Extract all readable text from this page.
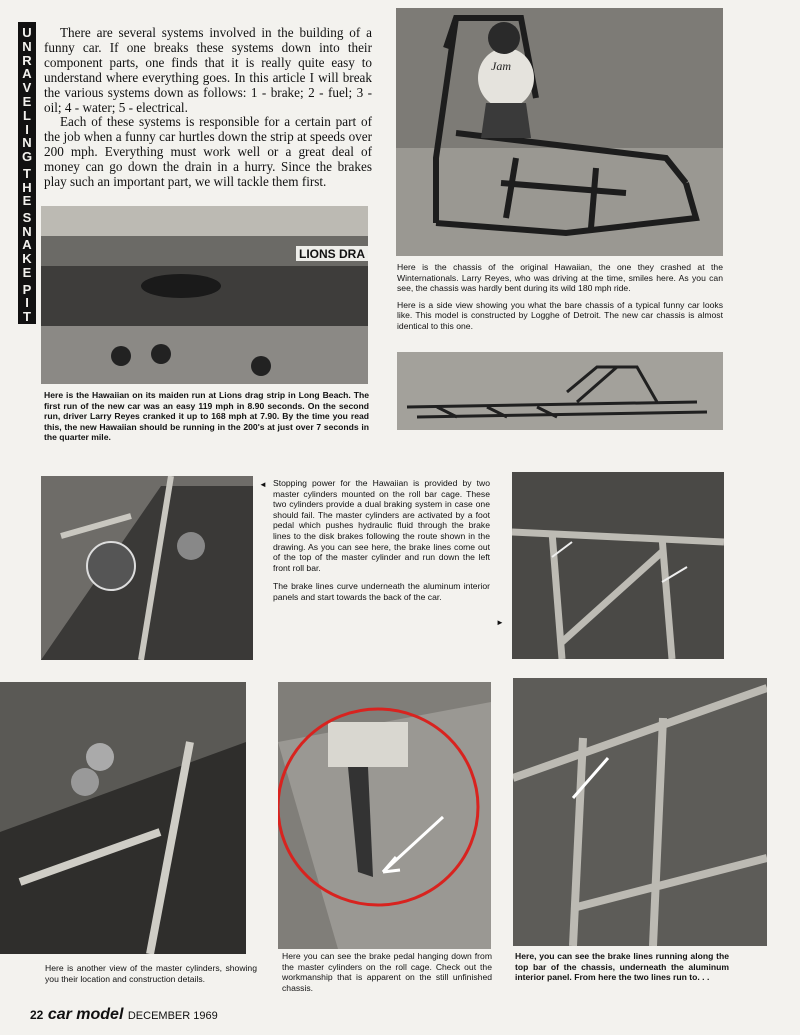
U
N
R
A
V
E
L
I
N
G
T
H
E
S
N
A
K
E
P
I
T

There are several systems involved in the building of a funny car. If one breaks these systems down into their component parts, one finds that it is really quite easy to understand where everything goes. In this article I will break the various systems down as follows: 1 - brake; 2 - fuel; 3 - oil; 4 - water; 5 - electrical.

Each of these systems is responsible for a certain part of the job when a funny car hurtles down the strip at speeds over 200 mph. Everything must work well or a great deal of money can go down the drain in a hurry. Since the brakes play such an important part, we will tackle them first.

Jam

Here is the chassis of the original Hawaiian, the one they crashed at the Winternationals. Larry Reyes, who was driving at the time, smiles here. As you can see, the chassis was hardly bent during its wild 180 mph ride.

Here is a side view showing you what the bare chassis of a typical funny car looks like. This model is constructed by Logghe of Detroit. The new car chassis is almost identical to this one.

LIONS DRA

Here is the Hawaiian on its maiden run at Lions drag strip in Long Beach. The first run of the new car was an easy 119 mph in 8.90 seconds. On the second run, driver Larry Reyes cranked it up to 168 mph at 7.90. By the time you read this, the new Hawaiian should be running in the 200's at just over 7 seconds in the quarter mile.

Stopping power for the Hawaiian is provided by two master cylinders mounted on the roll bar cage. These two cylinders provide a dual braking system in case one should fail. The master cylinders are activated by a foot pedal which pushes hydraulic fluid through the brake lines to the disk brakes following the route shown in the drawing. As you can see here, the brake lines come out of the top of the master cylinder and run down the left front roll bar.

The brake lines curve underneath the aluminum interior panels and start towards the back of the car.

◄
►

Here is another view of the master cylinders, showing you their location and construction details.

Here you can see the brake pedal hanging down from the master cylinders on the roll cage. Check out the workmanship that is apparent on the still unfinished chassis.

Here, you can see the brake lines running along the top bar of the chassis, underneath the aluminum interior panel. From here the two lines run to. . .

22 car model DECEMBER 1969
